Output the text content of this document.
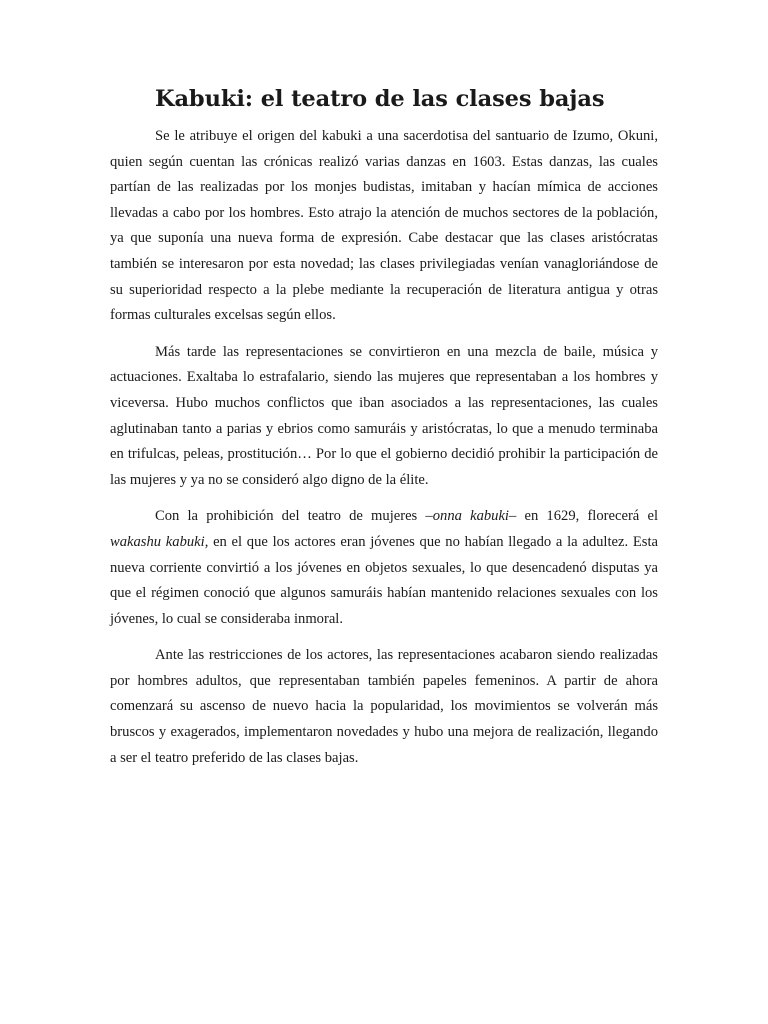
Kabuki: el teatro de las clases bajas

Se le atribuye el origen del kabuki a una sacerdotisa del santuario de Izumo, Okuni, quien según cuentan las crónicas realizó varias danzas en 1603. Estas danzas, las cuales partían de las realizadas por los monjes budistas, imitaban y hacían mímica de acciones llevadas a cabo por los hombres. Esto atrajo la atención de muchos sectores de la población, ya que suponía una nueva forma de expresión. Cabe destacar que las clases aristócratas también se interesaron por esta novedad; las clases privilegiadas venían vanagloriándose de su superioridad respecto a la plebe mediante la recuperación de literatura antigua y otras formas culturales excelsas según ellos.

Más tarde las representaciones se convirtieron en una mezcla de baile, música y actuaciones. Exaltaba lo estrafalario, siendo las mujeres que representaban a los hombres y viceversa. Hubo muchos conflictos que iban asociados a las representaciones, las cuales aglutinaban tanto a parias y ebrios como samuráis y aristócratas, lo que a menudo terminaba en trifulcas, peleas, prostitución… Por lo que el gobierno decidió prohibir la participación de las mujeres y ya no se consideró algo digno de la élite.

Con la prohibición del teatro de mujeres –onna kabuki– en 1629, florecerá el wakashu kabuki, en el que los actores eran jóvenes que no habían llegado a la adultez. Esta nueva corriente convirtió a los jóvenes en objetos sexuales, lo que desencadenó disputas ya que el régimen conoció que algunos samuráis habían mantenido relaciones sexuales con los jóvenes, lo cual se consideraba inmoral.

Ante las restricciones de los actores, las representaciones acabaron siendo realizadas por hombres adultos, que representaban también papeles femeninos. A partir de ahora comenzará su ascenso de nuevo hacia la popularidad, los movimientos se volverán más bruscos y exagerados, implementaron novedades y hubo una mejora de realización, llegando a ser el teatro preferido de las clases bajas.
